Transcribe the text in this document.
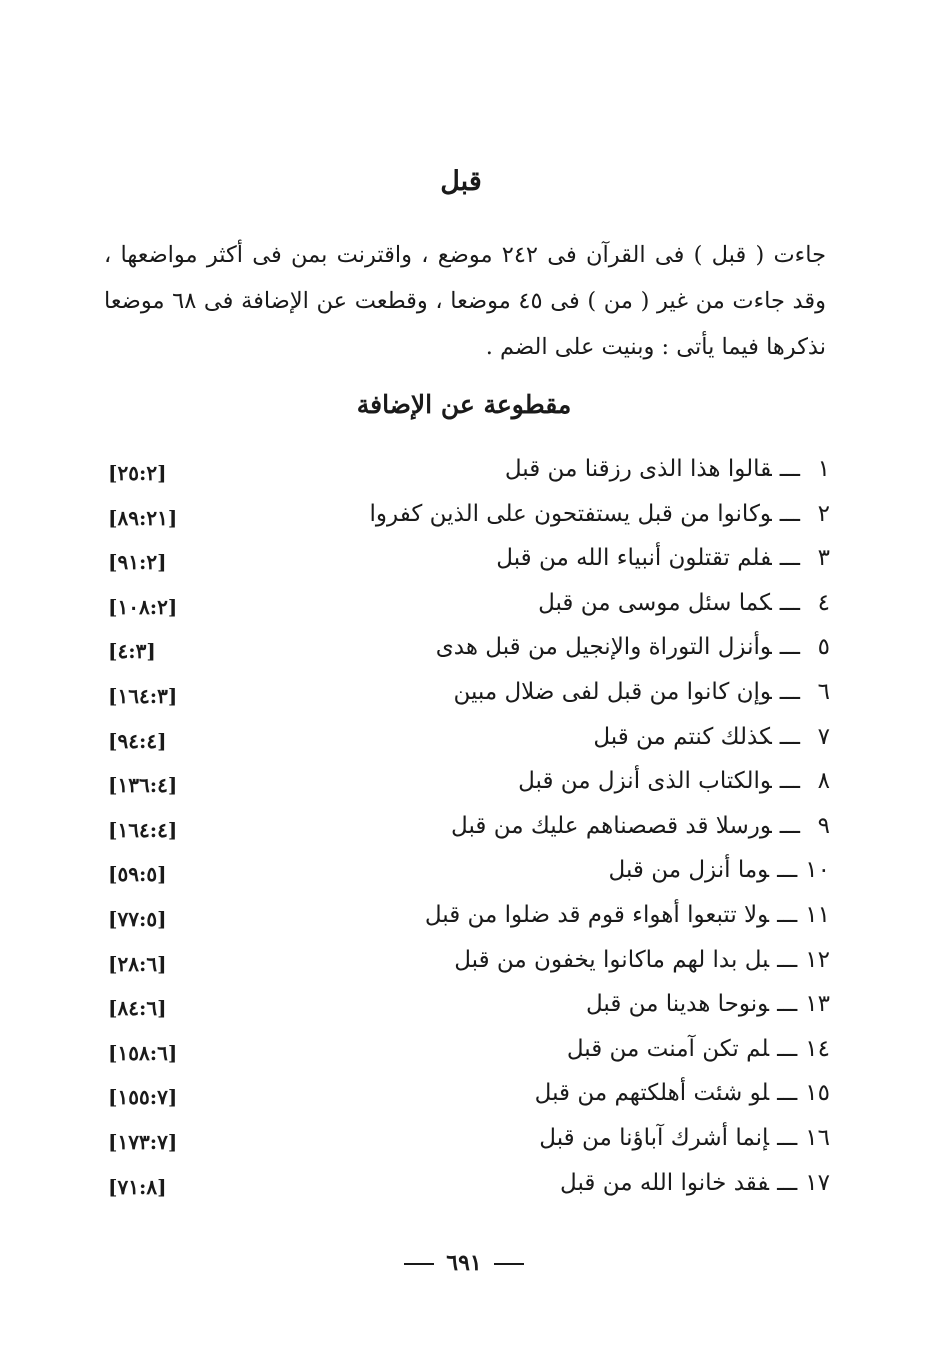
قبل
جاءت ( قبل ) فى القرآن فى ٢٤٢ موضع ، واقترنت بمن فى أكثر مواضعها ،
وقد جاءت من غير ( من ) فى ٤٥ موضعا ، وقطعت عن الإضافة فى ٦٨ موضعا
نذكرها فيما يأتى : وبنيت على الضم .
مقطوعة عن الإضافة
١ـــقالوا هذا الذى رزقنا من قبل
[٢٥:٢]
٢ـــوكانوا من قبل يستفتحون على الذين كفروا
[٨٩:٢١]
٣ـــفلم تقتلون أنبياء الله من قبل
[٩١:٢]
٤ـــكما سئل موسى من قبل
[١٠٨:٢]
٥ـــوأنزل التوراة والإنجيل من قبل هدى
[٤:٣]
٦ـــوإن كانوا من قبل لفى ضلال مبين
[١٦٤:٣]
٧ـــكذلك كنتم من قبل
[٩٤:٤]
٨ـــوالكتاب الذى أنزل من قبل
[١٣٦:٤]
٩ـــورسلا قد قصصناهم عليك من قبل
[١٦٤:٤]
١٠ـــوما أنزل من قبل
[٥٩:٥]
١١ـــولا تتبعوا أهواء قوم قد ضلوا من قبل
[٧٧:٥]
١٢ـــبل بدا لهم ماكانوا يخفون من قبل
[٢٨:٦]
١٣ـــونوحا هدينا من قبل
[٨٤:٦]
١٤ـــلم تكن آمنت من قبل
[١٥٨:٦]
١٥ـــلو شئت أهلكتهم من قبل
[١٥٥:٧]
١٦ـــإنما أشرك آباؤنا من قبل
[١٧٣:٧]
١٧ـــفقد خانوا الله من قبل
[٧١:٨]
٦٩١
